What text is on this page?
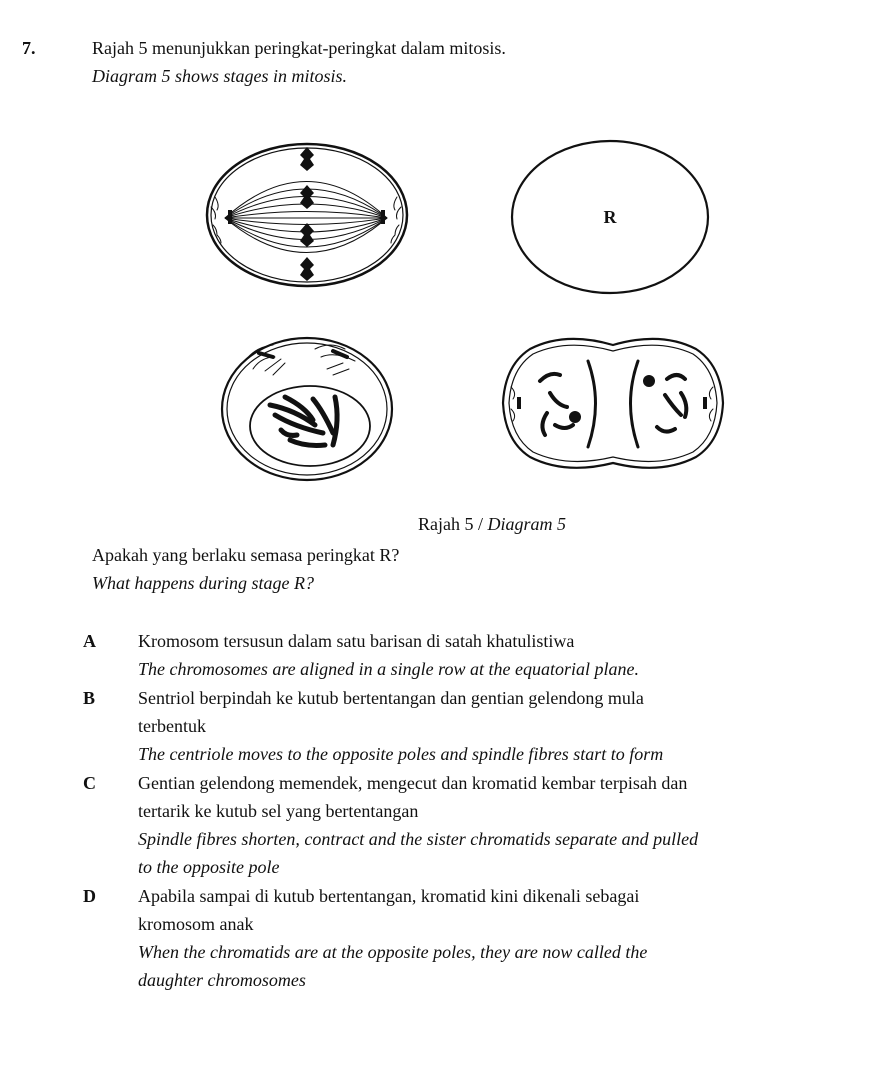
7.	Rajah 5 menunjukkan peringkat-peringkat dalam mitosis.
Diagram 5 shows stages in mitosis.
R
Rajah 5 / Diagram 5
Apakah yang berlaku semasa peringkat R?
What happens during stage R?
A Kromosom tersusun dalam satu barisan di satah khatulistiwa
The chromosomes are aligned in a single row at the equatorial plane.
B Sentriol berpindah ke kutub bertentangan dan gentian gelendong mula
terbentuk
The centriole moves to the opposite poles and spindle fibres start to form
C Gentian gelendong memendek, mengecut dan kromatid kembar terpisah dan
tertarik ke kutub sel yang bertentangan
Spindle fibres shorten, contract and the sister chromatids separate and pulled
to the opposite pole
D Apabila sampai di kutub bertentangan, kromatid kini dikenali sebagai
kromosom anak
When the chromatids are at the opposite poles, they are now called the
daughter chromosomes
